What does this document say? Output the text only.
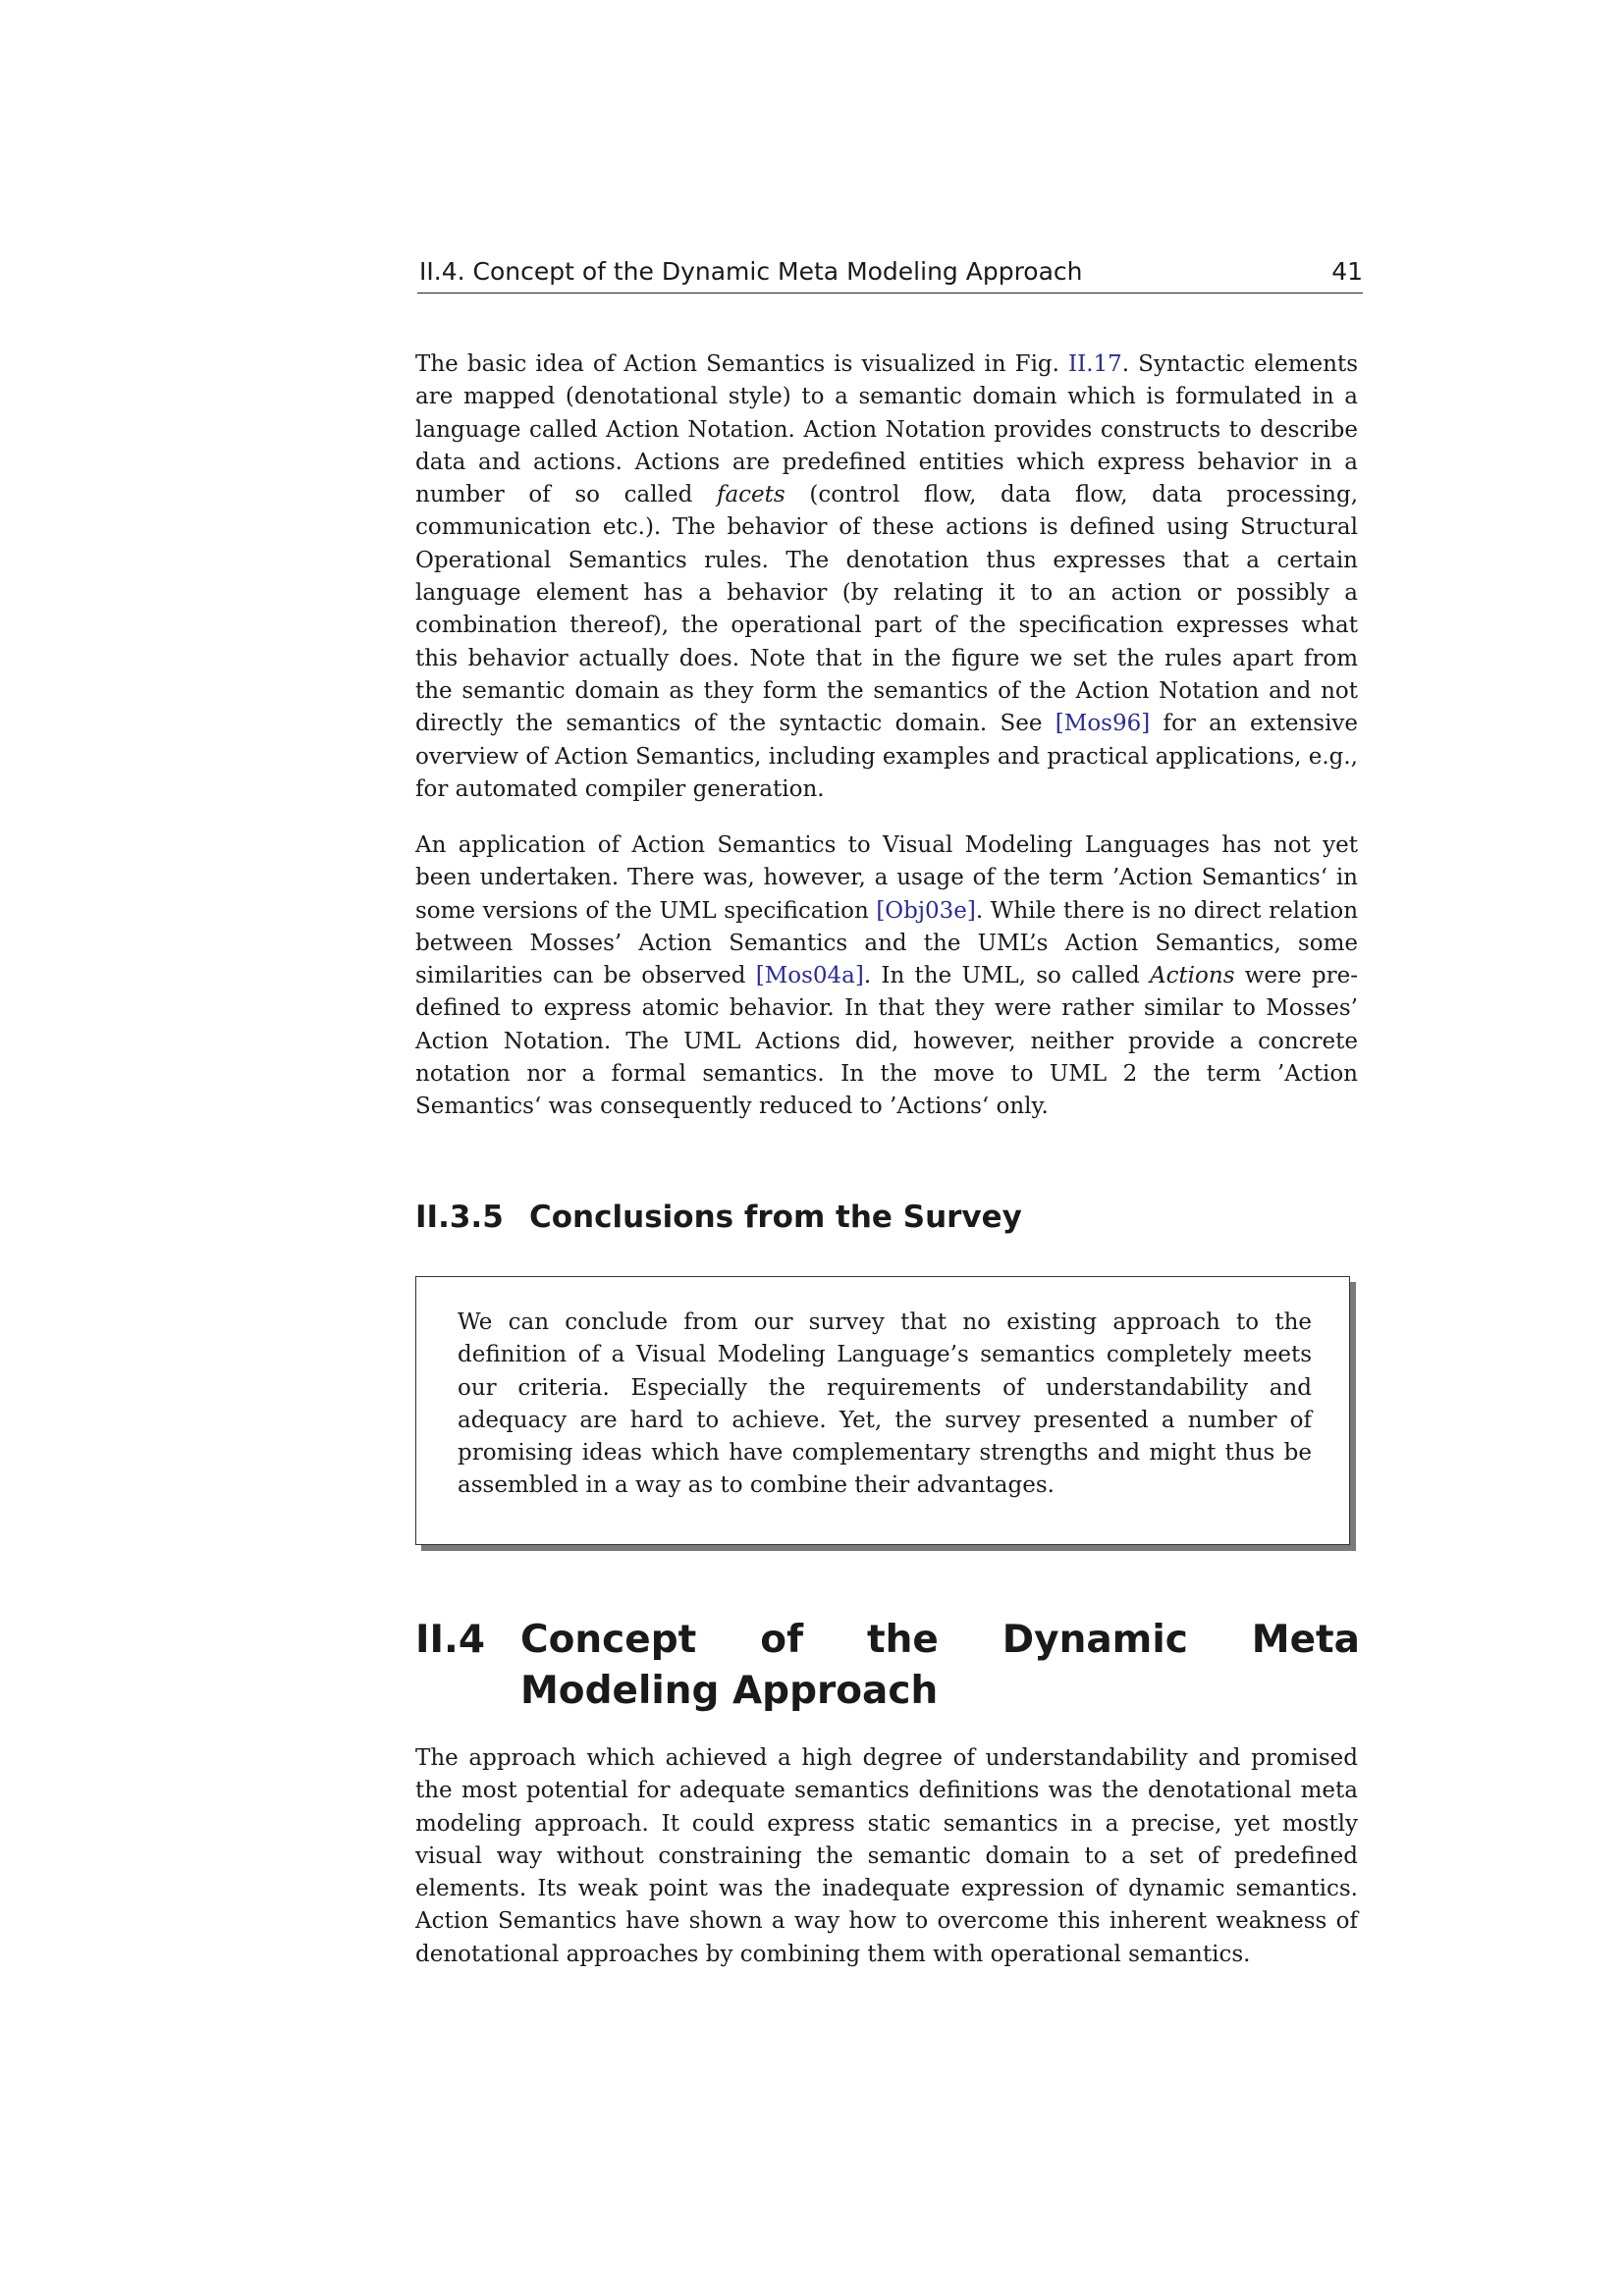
II.4. Concept of the Dynamic Meta Modeling Approach	41

The basic idea of Action Semantics is visualized in Fig. II.17. Syntactic elements are mapped (denotational style) to a semantic domain which is formulated in a language called Action Notation. Action Notation provides constructs to describe data and actions. Actions are predefined entities which express behavior in a number of so called facets (control flow, data flow, data processing, communication etc.). The behavior of these actions is defined using Structural Operational Semantics rules. The denotation thus expresses that a certain language element has a behavior (by relating it to an action or possibly a combination thereof), the operational part of the specification expresses what this behavior actually does. Note that in the figure we set the rules apart from the semantic domain as they form the semantics of the Action Notation and not directly the semantics of the syntactic domain. See [Mos96] for an extensive overview of Action Semantics, including examples and practical applications, e.g., for automated compiler generation.

An application of Action Semantics to Visual Modeling Languages has not yet been undertaken. There was, however, a usage of the term ’Action Semantics‘ in some versions of the UML specification [Obj03e]. While there is no direct relation between Mosses’ Action Semantics and the UML’s Action Semantics, some similarities can be observed [Mos04a]. In the UML, so called Actions were pre-defined to express atomic behavior. In that they were rather similar to Mosses’ Action Notation. The UML Actions did, however, neither provide a concrete notation nor a formal semantics. In the move to UML 2 the term ’Action Semantics‘ was consequently reduced to ’Actions‘ only.

II.3.5 Conclusions from the Survey

We can conclude from our survey that no existing approach to the definition of a Visual Modeling Language’s semantics completely meets our criteria. Especially the requirements of understandability and adequacy are hard to achieve. Yet, the survey presented a number of promising ideas which have complementary strengths and might thus be assembled in a way as to combine their advantages.

II.4 Concept of the Dynamic Meta Modeling Approach

The approach which achieved a high degree of understandability and promised the most potential for adequate semantics definitions was the denotational meta modeling approach. It could express static semantics in a precise, yet mostly visual way without constraining the semantic domain to a set of predefined elements. Its weak point was the inadequate expression of dynamic semantics. Action Semantics have shown a way how to overcome this inherent weakness of denotational approaches by combining them with operational semantics.
